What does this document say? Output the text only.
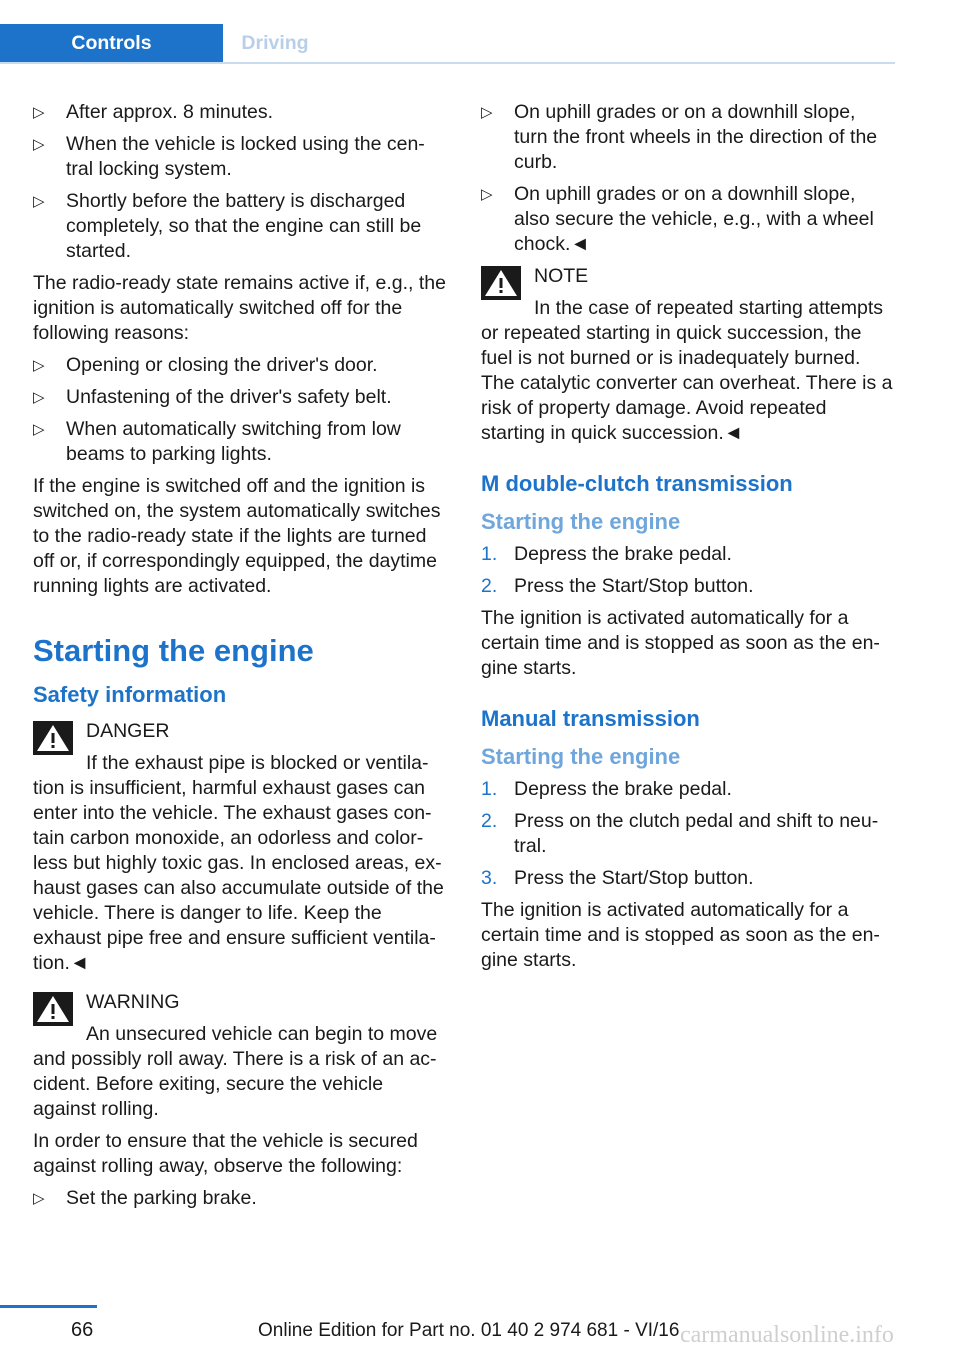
Controls	Driving
▷ After approx. 8 minutes.
▷ When the vehicle is locked using the cen-tral locking system.
▷ Shortly before the battery is discharged completely, so that the engine can still be started.

The radio-ready state remains active if, e.g., the ignition is automatically switched off for the following reasons:

▷ Opening or closing the driver's door.
▷ Unfastening of the driver's safety belt.
▷ When automatically switching from low beams to parking lights.

If the engine is switched off and the ignition is switched on, the system automatically switches to the radio-ready state if the lights are turned off or, if correspondingly equipped, the daytime running lights are activated.

Starting the engine
Safety information
DANGER
If the exhaust pipe is blocked or ventila-tion is insufficient, harmful exhaust gases can enter into the vehicle. The exhaust gases con-tain carbon monoxide, an odorless and color-less but highly toxic gas. In enclosed areas, ex-haust gases can also accumulate outside of the vehicle. There is danger to life. Keep the exhaust pipe free and ensure sufficient ventila-tion.◄
WARNING
An unsecured vehicle can begin to move and possibly roll away. There is a risk of an ac-cident. Before exiting, secure the vehicle against rolling.

In order to ensure that the vehicle is secured against rolling away, observe the following:

▷ Set the parking brake.
▷ On uphill grades or on a downhill slope, turn the front wheels in the direction of the curb.
▷ On uphill grades or on a downhill slope, also secure the vehicle, e.g., with a wheel chock.◄
NOTE
In the case of repeated starting attempts or repeated starting in quick succession, the fuel is not burned or is inadequately burned. The catalytic converter can overheat. There is a risk of property damage. Avoid repeated starting in quick succession.◄
M double-clutch transmission
Starting the engine
1. Depress the brake pedal.
2. Press the Start/Stop button.

The ignition is activated automatically for a certain time and is stopped as soon as the en-gine starts.

Manual transmission
Starting the engine
1. Depress the brake pedal.
2. Press on the clutch pedal and shift to neu-tral.
3. Press the Start/Stop button.

The ignition is activated automatically for a certain time and is stopped as soon as the en-gine starts.

66	Online Edition for Part no. 01 40 2 974 681 - VI/16 carmanualsonline.info
